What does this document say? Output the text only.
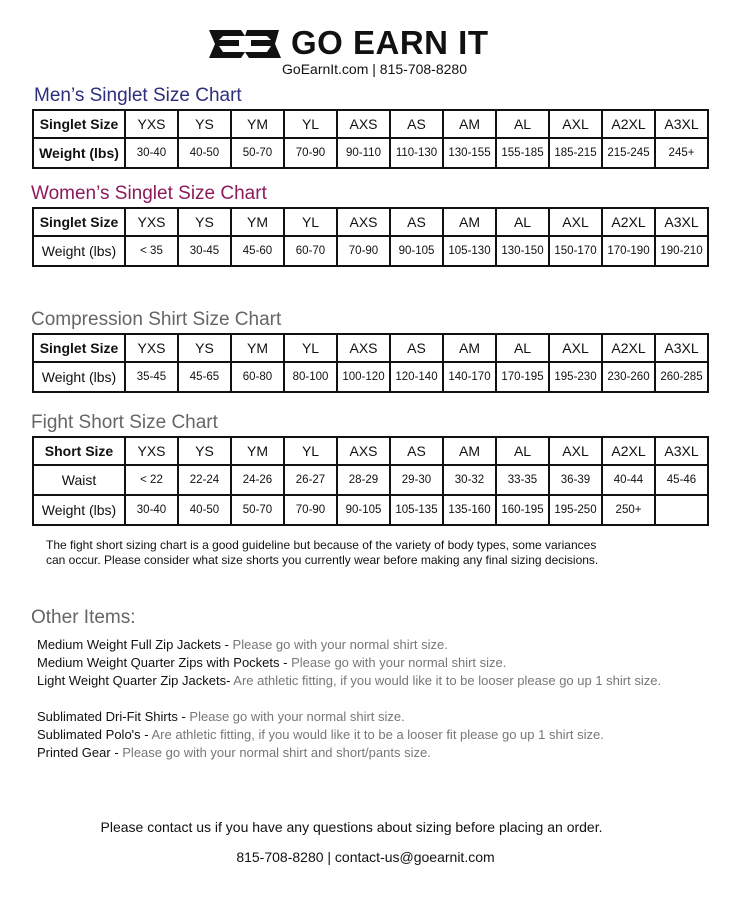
GO EARN IT
GoEarnIt.com | 815-708-8280
Men’s Singlet Size Chart
Singlet Size	YXS	YS	YM	YL	AXS	AS	AM	AL	AXL	A2XL	A3XL
Weight (lbs)	30-40	40-50	50-70	70-90	90-110	110-130	130-155	155-185	185-215	215-245	245+
Women’s Singlet Size Chart
Singlet Size	YXS	YS	YM	YL	AXS	AS	AM	AL	AXL	A2XL	A3XL
Weight (lbs)	< 35	30-45	45-60	60-70	70-90	90-105	105-130	130-150	150-170	170-190	190-210
Compression Shirt Size Chart
Singlet Size	YXS	YS	YM	YL	AXS	AS	AM	AL	AXL	A2XL	A3XL
Weight (lbs)	35-45	45-65	60-80	80-100	100-120	120-140	140-170	170-195	195-230	230-260	260-285
Fight Short Size Chart
Short Size	YXS	YS	YM	YL	AXS	AS	AM	AL	AXL	A2XL	A3XL
Waist	< 22	22-24	24-26	26-27	28-29	29-30	30-32	33-35	36-39	40-44	45-46
Weight (lbs)	30-40	40-50	50-70	70-90	90-105	105-135	135-160	160-195	195-250	250+	
The fight short sizing chart is a good guideline but because of the variety of body types, some variances
can occur. Please consider what size shorts you currently wear before making any final sizing decisions.
Other Items:
Medium Weight Full Zip Jackets - Please go with your normal shirt size.
Medium Weight Quarter Zips with Pockets - Please go with your normal shirt size.
Light Weight Quarter Zip Jackets- Are athletic fitting, if you would like it to be looser please go up 1 shirt size.
Sublimated Dri-Fit Shirts - Please go with your normal shirt size.
Sublimated Polo's - Are athletic fitting, if you would like it to be a looser fit please go up 1 shirt size.
Printed Gear - Please go with your normal shirt and short/pants size.
Please contact us if you have any questions about sizing before placing an order.
815-708-8280 | contact-us@goearnit.com
